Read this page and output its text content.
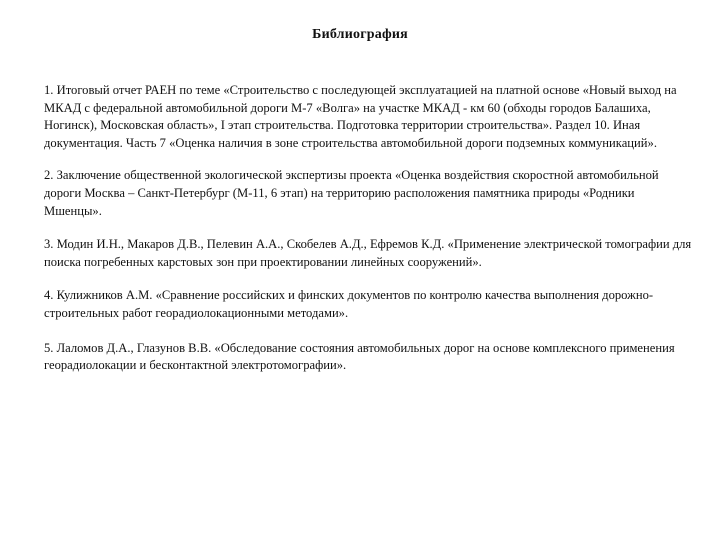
Библиография
1. Итоговый отчет РАЕН по теме «Строительство с последующей эксплуатацией на платной основе «Новый выход на МКАД с федеральной автомобильной дороги М-7 «Волга» на участке МКАД - км 60 (обходы городов Балашиха, Ногинск), Московская область», I этап строительства. Подготовка территории строительства». Раздел 10. Иная документация. Часть 7 «Оценка наличия в зоне строительства автомобильной дороги подземных коммуникаций».
2. Заключение общественной экологической экспертизы проекта «Оценка воздействия скоростной автомобильной дороги Москва – Санкт-Петербург (М-11, 6 этап) на территорию расположения памятника природы «Родники Мшенцы».
3. Модин И.Н., Макаров Д.В., Пелевин А.А., Скобелев А.Д., Ефремов К.Д. «Применение электрической томографии для поиска погребенных карстовых зон при проектировании линейных сооружений».
4. Кулижников А.М. «Сравнение российских и финских документов по контролю качества выполнения дорожно-строительных работ георадиолокационными методами».
5. Лаломов Д.А., Глазунов В.В. «Обследование состояния автомобильных дорог на основе комплексного применения георадиолокации и бесконтактной электротомографии».
